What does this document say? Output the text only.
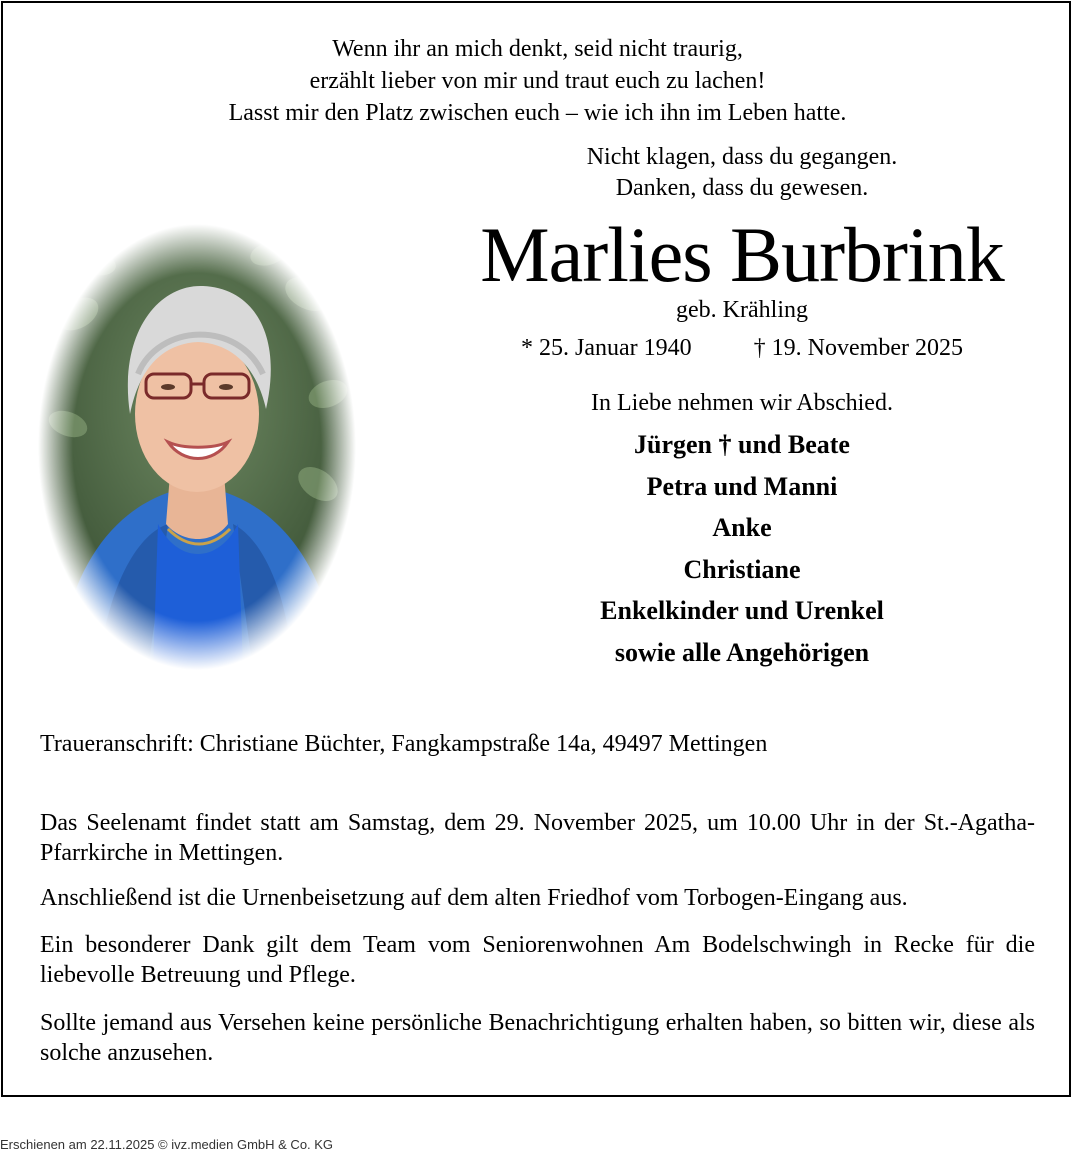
Wenn ihr an mich denkt, seid nicht traurig,
erzählt lieber von mir und traut euch zu lachen!
Lasst mir den Platz zwischen euch – wie ich ihn im Leben hatte.
Nicht klagen, dass du gegangen.
Danken, dass du gewesen.
Marlies Burbrink
geb. Krähling
* 25. Januar 1940	† 19. November 2025
In Liebe nehmen wir Abschied.
Jürgen † und Beate
Petra und Manni
Anke
Christiane
Enkelkinder und Urenkel
sowie alle Angehörigen
Traueranschrift: Christiane Büchter, Fangkampstraße 14a, 49497 Mettingen
Das Seelenamt findet statt am Samstag, dem 29. November 2025, um 10.00 Uhr in der St.-Agatha-Pfarrkirche in Mettingen.
Anschließend ist die Urnenbeisetzung auf dem alten Friedhof vom Torbogen-Eingang aus.
Ein besonderer Dank gilt dem Team vom Seniorenwohnen Am Bodelschwingh in Recke für die liebevolle Betreuung und Pflege.
Sollte jemand aus Versehen keine persönliche Benachrichtigung erhalten haben, so bitten wir, diese als solche anzusehen.
Erschienen am 22.11.2025 © ivz.medien GmbH & Co. KG
